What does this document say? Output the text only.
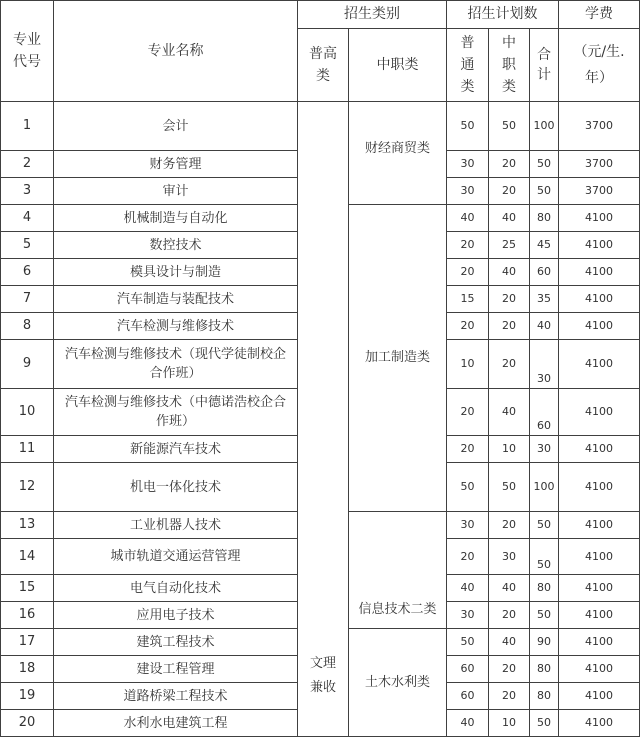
专业代号	专业名称	招生类别		招生计划数			学费

		普高类	中职类	普通类	中职类	合计	（元/生.年）

1	会计	文理兼收	财经商贸类	50	50	100	3700
2	财务管理			30	20	50	3700
3	审计			30	20	50	3700
4	机械制造与自动化		加工制造类	40	40	80	4100
5	数控技术			20	25	45	4100
6	模具设计与制造			20	40	60	4100
7	汽车制造与装配技术			15	20	35	4100
8	汽车检测与维修技术			20	20	40	4100
9	汽车检测与维修技术（现代学徒制校企合作班）			10	20	30	4100
10	汽车检测与维修技术（中德诺浩校企合作班）			20	40	60	4100
11	新能源汽车技术			20	10	30	4100
12	机电一体化技术			50	50	100	4100
13	工业机器人技术		信息技术二类	30	20	50	4100
14	城市轨道交通运营管理			20	30	50	4100
15	电气自动化技术			40	40	80	4100
16	应用电子技术			30	20	50	4100
17	建筑工程技术		土木水利类	50	40	90	4100
18	建设工程管理			60	20	80	4100
19	道路桥梁工程技术			60	20	80	4100
20	水利水电建筑工程			40	10	50	4100
